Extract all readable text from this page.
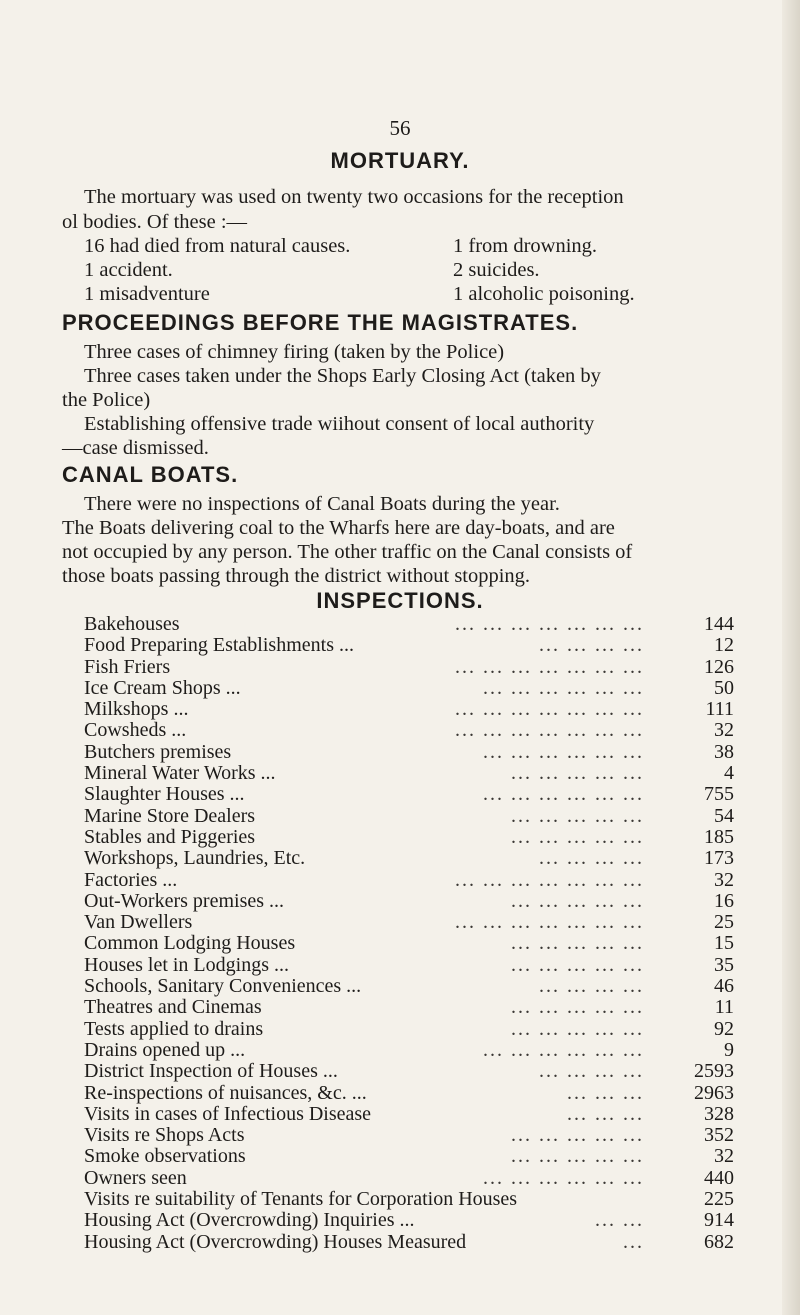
56
MORTUARY.
The mortuary was used on twenty two occasions for the reception
ol bodies. Of these :—
16 had died from natural causes.	1 from drowning.
1 accident.	2 suicides.
1 misadventure	1 alcoholic poisoning.
PROCEEDINGS BEFORE THE MAGISTRATES.
Three cases of chimney firing (taken by the Police)
Three cases taken under the Shops Early Closing Act (taken by
the Police)
Establishing offensive trade wiihout consent of local authority
—case dismissed.
CANAL BOATS.
There were no inspections of Canal Boats during the year.
The Boats delivering coal to the Wharfs here are day-boats, and are
not occupied by any person. The other traffic on the Canal consists of
those boats passing through the district without stopping.
INSPECTIONS.
Bakehouses	... ... ... ... ... ... ...	144
Food Preparing Establishments ...	... ... ... ...	12
Fish Friers	... ... ... ... ... ... ...	126
Ice Cream Shops ...	... ... ... ... ... ...	50
Milkshops ...	... ... ... ... ... ... ...	111
Cowsheds ...	... ... ... ... ... ... ...	32
Butchers premises	... ... ... ... ... ...	38
Mineral Water Works ...	... ... ... ... ...	4
Slaughter Houses ...	... ... ... ... ... ...	755
Marine Store Dealers	... ... ... ... ...	54
Stables and Piggeries	... ... ... ... ...	185
Workshops, Laundries, Etc.	... ... ... ...	173
Factories ...	... ... ... ... ... ... ...	32
Out-Workers premises ...	... ... ... ... ...	16
Van Dwellers	... ... ... ... ... ... ...	25
Common Lodging Houses	... ... ... ... ...	15
Houses let in Lodgings ...	... ... ... ... ...	35
Schools, Sanitary Conveniences ...	... ... ... ...	46
Theatres and Cinemas	... ... ... ... ...	11
Tests applied to drains	... ... ... ... ...	92
Drains opened up ...	... ... ... ... ... ...	9
District Inspection of Houses ...	... ... ... ...	2593
Re-inspections of nuisances, &c. ...	... ... ...	2963
Visits in cases of Infectious Disease	... ... ...	328
Visits re Shops Acts	... ... ... ... ...	352
Smoke observations	... ... ... ... ...	32
Owners seen	... ... ... ... ... ...	440
Visits re suitability of Tenants for Corporation Houses	225
Housing Act (Overcrowding) Inquiries ...	... ...	914
Housing Act (Overcrowding) Houses Measured	...	682
